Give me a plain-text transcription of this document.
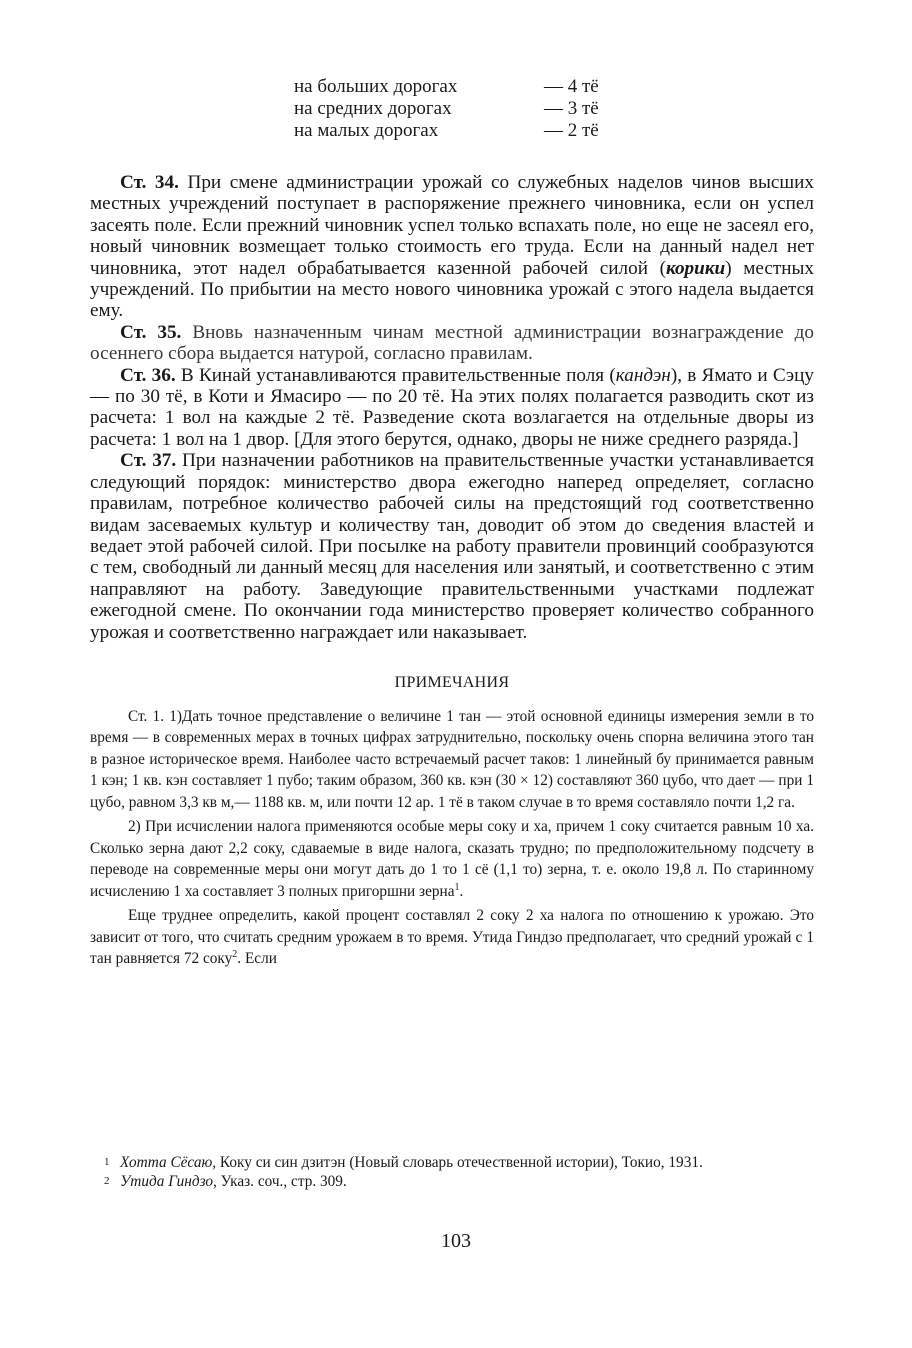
на больших дорогах	— 4 тё
на средних дорогах	— 3 тё
на малых дорогах	— 2 тё

Ст. 34. При смене администрации урожай со служебных наделов чинов высших местных учреждений поступает в распоряжение прежнего чиновника, если он успел засеять поле. Если прежний чиновник успел только вспахать поле, но еще не засеял его, новый чиновник возмещает только стоимость его труда. Если на данный надел нет чиновника, этот надел обрабатывается казенной рабочей силой (корики) местных учреждений. По прибытии на место нового чиновника урожай с этого надела выдается ему.

Ст. 35. Вновь назначенным чинам местной администрации вознаграждение до осеннего сбора выдается натурой, согласно правилам.

Ст. 36. В Кинай устанавливаются правительственные поля (кандэн), в Ямато и Сэцу — по 30 тё, в Коти и Ямасиро — по 20 тё. На этих полях полагается разводить скот из расчета: 1 вол на каждые 2 тё. Разведение скота возлагается на отдельные дворы из расчета: 1 вол на 1 двор. [Для этого берутся, однако, дворы не ниже среднего разряда.]

Ст. 37. При назначении работников на правительственные участки устанавливается следующий порядок: министерство двора ежегодно наперед определяет, согласно правилам, потребное количество рабочей силы на предстоящий год соответственно видам засеваемых культур и количеству тан, доводит об этом до сведения властей и ведает этой рабочей силой. При посылке на работу правители провинций сообразуются с тем, свободный ли данный месяц для населения или занятый, и соответственно с этим направляют на работу. Заведующие правительственными участками подлежат ежегодной смене. По окончании года министерство проверяет количество собранного урожая и соответственно награждает или наказывает.

ПРИМЕЧАНИЯ

Ст. 1. 1)Дать точное представление о величине 1 тан — этой основной единицы измерения земли в то время — в современных мерах в точных цифрах затруднительно, поскольку очень спорна величина этого тан в разное историческое время. Наиболее часто встречаемый расчет таков: 1 линейный бу принимается равным 1 кэн; 1 кв. кэн составляет 1 пубо; таким образом, 360 кв. кэн (30 × 12) составляют 360 цубо, что дает — при 1 цубо, равном 3,3 кв м,— 1188 кв. м, или почти 12 ар. 1 тё в таком случае в то время составляло почти 1,2 га.

2) При исчислении налога применяются особые меры соку и ха, причем 1 соку считается равным 10 ха. Сколько зерна дают 2,2 соку, сдаваемые в виде налога, сказать трудно; по предположительному подсчету в переводе на современные меры они могут дать до 1 то 1 сё (1,1 то) зерна, т. е. около 19,8 л. По старинному исчислению 1 ха составляет 3 полных пригоршни зерна$^1$.

Еще труднее определить, какой процент составлял 2 соку 2 ха налога по отношению к урожаю. Это зависит от того, что считать средним урожаем в то время. Утида Гиндзо предполагает, что средний урожай с 1 тан равняется 72 соку$^2$. Если

1 Хотта Сёсаю, Коку си син дзитэн (Новый словарь отечественной истории), Токио, 1931.
2 Утида Гиндзо, Указ. соч., стр. 309.
103
